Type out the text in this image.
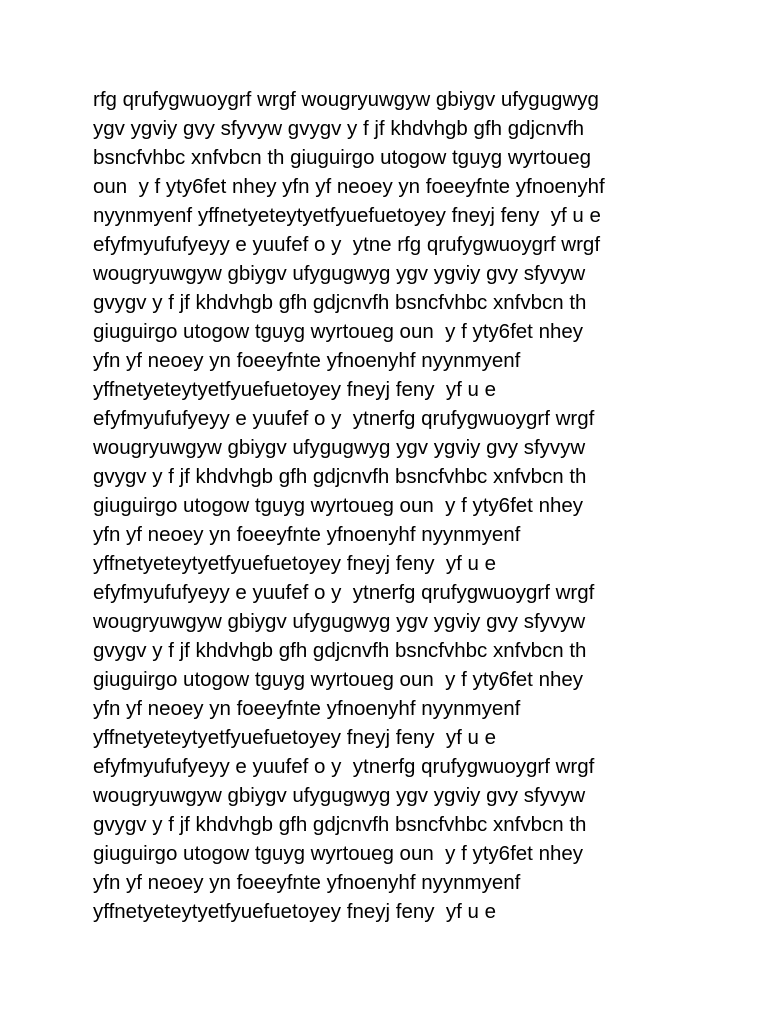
rfg qrufygwuoygrf wrgf wougryuwgyw gbiygv ufygugwyg
ygv ygviy gvy sfyvyw gvygv y f jf khdvhgb gfh gdjcnvfh
bsncfvhbc xnfvbcn th giuguirgo utogow tguyg wyrtoueg
oun  y f yty6fet nhey yfn yf neoey yn foeeyfnte yfnoenyhf
nyynmyenf yffnetyeteytyetfyuefuetoyey fneyj feny  yf u e
efyfmyufufyeyy e yuufef o y  ytne rfg qrufygwuoygrf wrgf
wougryuwgyw gbiygv ufygugwyg ygv ygviy gvy sfyvyw
gvygv y f jf khdvhgb gfh gdjcnvfh bsncfvhbc xnfvbcn th
giuguirgo utogow tguyg wyrtoueg oun  y f yty6fet nhey
yfn yf neoey yn foeeyfnte yfnoenyhf nyynmyenf
yffnetyeteytyetfyuefuetoyey fneyj feny  yf u e
efyfmyufufyeyy e yuufef o y  ytnerfg qrufygwuoygrf wrgf
wougryuwgyw gbiygv ufygugwyg ygv ygviy gvy sfyvyw
gvygv y f jf khdvhgb gfh gdjcnvfh bsncfvhbc xnfvbcn th
giuguirgo utogow tguyg wyrtoueg oun  y f yty6fet nhey
yfn yf neoey yn foeeyfnte yfnoenyhf nyynmyenf
yffnetyeteytyetfyuefuetoyey fneyj feny  yf u e
efyfmyufufyeyy e yuufef o y  ytnerfg qrufygwuoygrf wrgf
wougryuwgyw gbiygv ufygugwyg ygv ygviy gvy sfyvyw
gvygv y f jf khdvhgb gfh gdjcnvfh bsncfvhbc xnfvbcn th
giuguirgo utogow tguyg wyrtoueg oun  y f yty6fet nhey
yfn yf neoey yn foeeyfnte yfnoenyhf nyynmyenf
yffnetyeteytyetfyuefuetoyey fneyj feny  yf u e
efyfmyufufyeyy e yuufef o y  ytnerfg qrufygwuoygrf wrgf
wougryuwgyw gbiygv ufygugwyg ygv ygviy gvy sfyvyw
gvygv y f jf khdvhgb gfh gdjcnvfh bsncfvhbc xnfvbcn th
giuguirgo utogow tguyg wyrtoueg oun  y f yty6fet nhey
yfn yf neoey yn foeeyfnte yfnoenyhf nyynmyenf
yffnetyeteytyetfyuefuetoyey fneyj feny  yf u e
